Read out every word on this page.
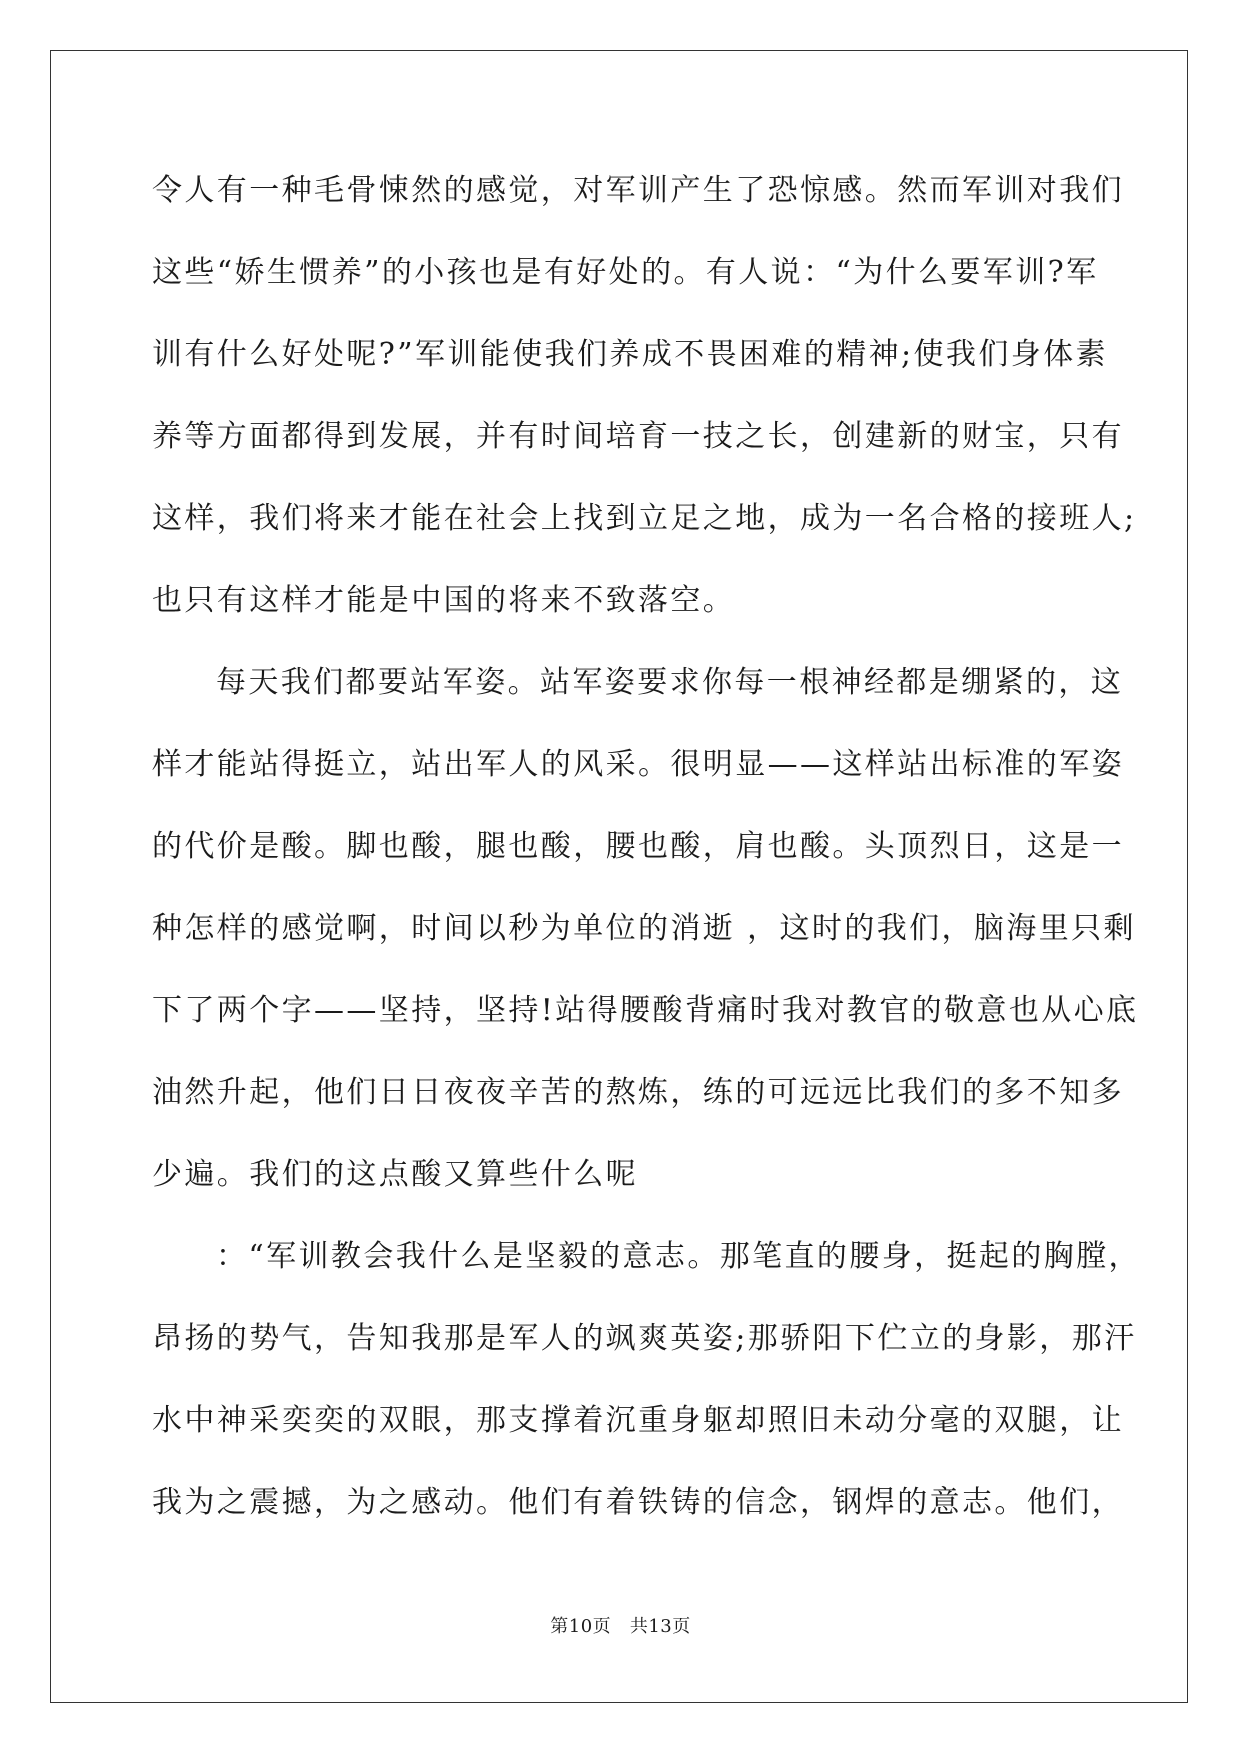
令人有一种毛骨悚然的感觉，对军训产生了恐惊感。然而军训对我们
这些“娇生惯养”的小孩也是有好处的。有人说：“为什么要军训?军
训有什么好处呢?”军训能使我们养成不畏困难的精神;使我们身体素
养等方面都得到发展，并有时间培育一技之长，创建新的财宝，只有
这样，我们将来才能在社会上找到立足之地，成为一名合格的接班人;
也只有这样才能是中国的将来不致落空。
每天我们都要站军姿。站军姿要求你每一根神经都是绷紧的，这
样才能站得挺立，站出军人的风采。很明显——这样站出标准的军姿
的代价是酸。脚也酸，腿也酸，腰也酸，肩也酸。头顶烈日，这是一
种怎样的感觉啊，时间以秒为单位的消逝 ，这时的我们，脑海里只剩
下了两个字——坚持，坚持!站得腰酸背痛时我对教官的敬意也从心底
油然升起，他们日日夜夜辛苦的熬炼，练的可远远比我们的多不知多
少遍。我们的这点酸又算些什么呢
：“军训教会我什么是坚毅的意志。那笔直的腰身，挺起的胸膛，
昂扬的势气，告知我那是军人的飒爽英姿;那骄阳下伫立的身影，那汗
水中神采奕奕的双眼，那支撑着沉重身躯却照旧未动分毫的双腿，让
我为之震撼，为之感动。他们有着铁铸的信念，钢焊的意志。他们，
第10页 共13页
